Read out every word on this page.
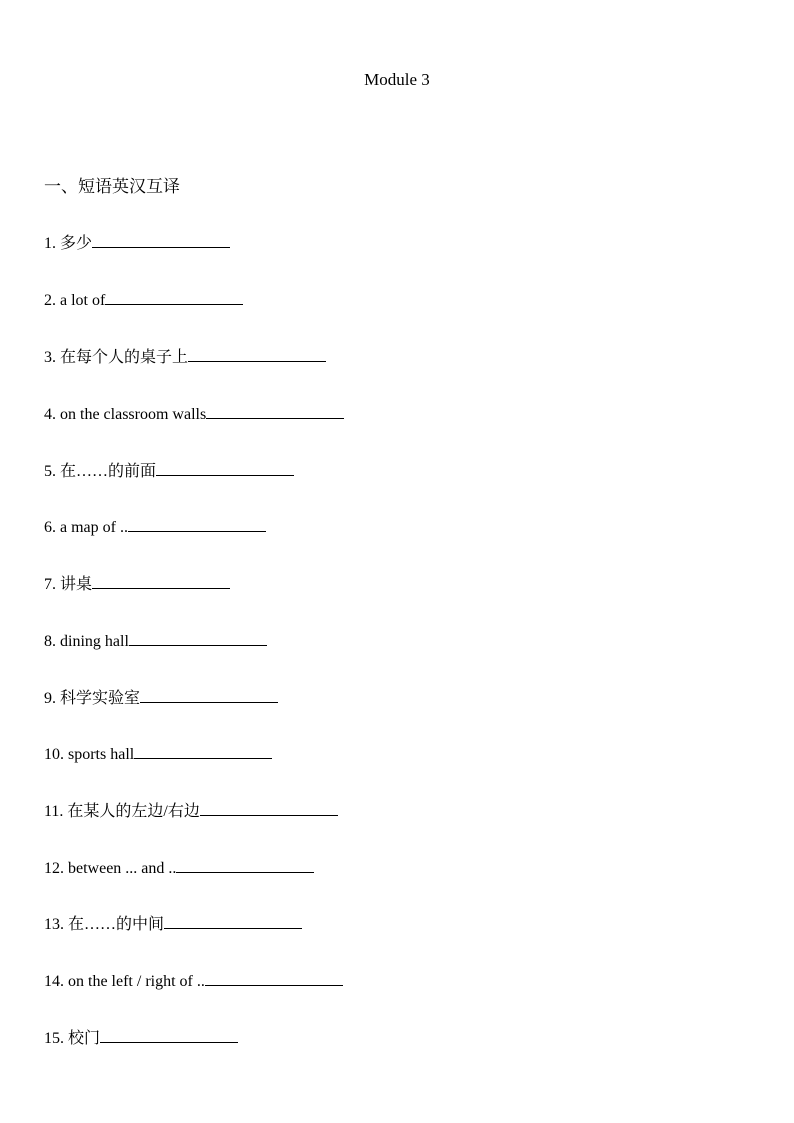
Module 3
一、短语英汉互译
1. 多少
2. a lot of
3. 在每个人的桌子上
4. on the classroom walls
5. 在……的前面
6. a map of ..
7. 讲桌
8. dining hall
9. 科学实验室
10. sports hall
11. 在某人的左边/右边
12. between ... and ..
13. 在……的中间
14. on the left / right of ..
15. 校门
